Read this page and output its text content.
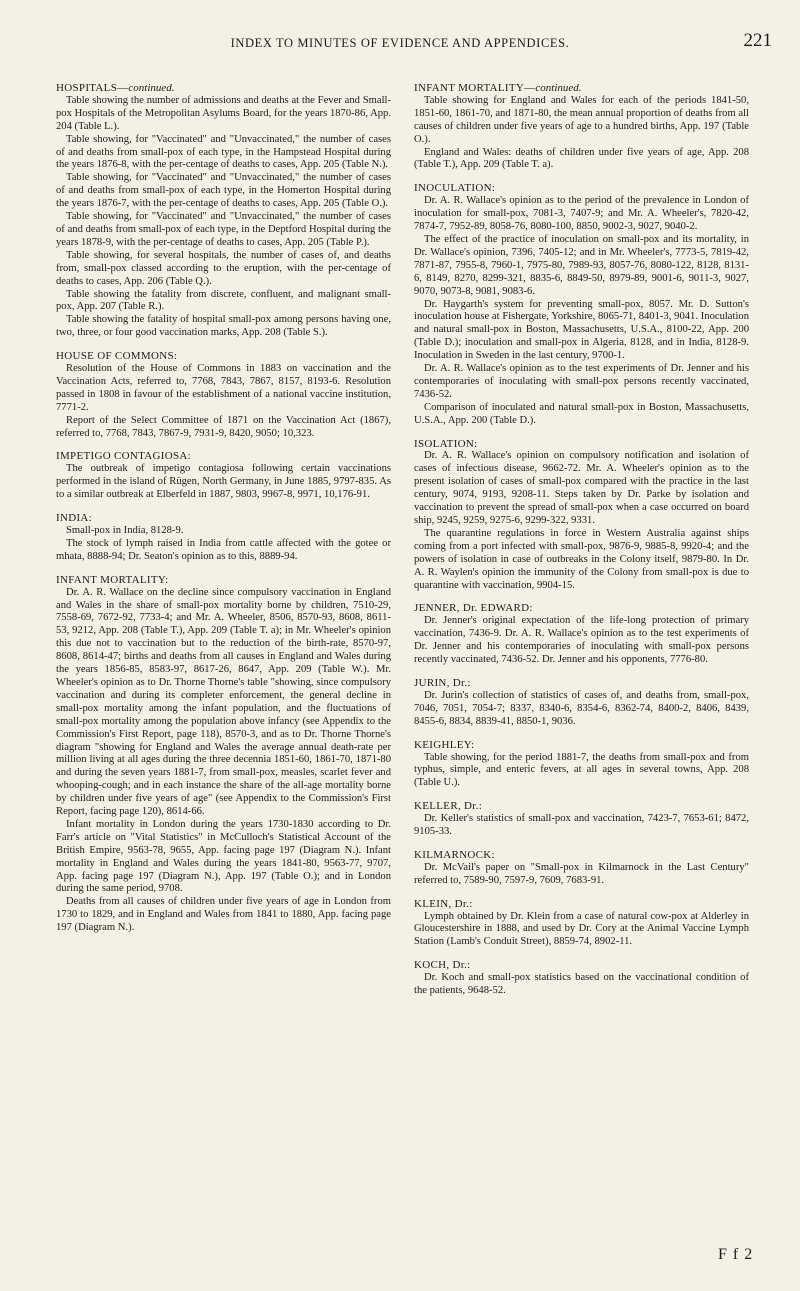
INDEX TO MINUTES OF EVIDENCE AND APPENDICES.	221
HOSPITALS—continued.

Table showing the number of admissions and deaths at the Fever and Small-pox Hospitals of the Metropolitan Asylums Board, for the years 1870-86, App. 204 (Table L.).

Table showing, for "Vaccinated" and "Unvaccinated," the number of cases of and deaths from small-pox of each type, in the Hampstead Hospital during the years 1876-8, with the per-centage of deaths to cases, App. 205 (Table N.).

Table showing, for "Vaccinated" and "Unvaccinated," the number of cases of and deaths from small-pox of each type, in the Homerton Hospital during the years 1876-7, with the per-centage of deaths to cases, App. 205 (Table O.).

Table showing, for "Vaccinated" and "Unvaccinated," the number of cases of and deaths from small-pox of each type, in the Deptford Hospital during the years 1878-9, with the per-centage of deaths to cases, App. 205 (Table P.).

Table showing, for several hospitals, the number of cases of, and deaths from, small-pox classed according to the eruption, with the per-centage of deaths to cases, App. 206 (Table Q.).

Table showing the fatality from discrete, confluent, and malignant small-pox, App. 207 (Table R.).

Table showing the fatality of hospital small-pox among persons having one, two, three, or four good vaccination marks, App. 208 (Table S.).

HOUSE OF COMMONS:

Resolution of the House of Commons in 1883 on vaccination and the Vaccination Acts, referred to, 7768, 7843, 7867, 8157, 8193-6. Resolution passed in 1808 in favour of the establishment of a national vaccine institution, 7771-2.

Report of the Select Committee of 1871 on the Vaccination Act (1867), referred to, 7768, 7843, 7867-9, 7931-9, 8420, 9050; 10,323.

IMPETIGO CONTAGIOSA:

The outbreak of impetigo contagiosa following certain vaccinations performed in the island of Rügen, North Germany, in June 1885, 9797-835. As to a similar outbreak at Elberfeld in 1887, 9803, 9967-8, 9971, 10,176-91.

INDIA:

Small-pox in India, 8128-9.

The stock of lymph raised in India from cattle affected with the gotee or mhata, 8888-94; Dr. Seaton's opinion as to this, 8889-94.

INFANT MORTALITY:

Dr. A. R. Wallace on the decline since compulsory vaccination in England and Wales in the share of small-pox mortality borne by children, 7510-29, 7558-69, 7672-92, 7733-4; and Mr. A. Wheeler, 8506, 8570-93, 8608, 8611-53, 9212, App. 208 (Table T.), App. 209 (Table T. a); in Mr. Wheeler's opinion this due not to vaccination but to the reduction of the birth-rate, 8570-97, 8608, 8614-47; births and deaths from all causes in England and Wales during the years 1856-85, 8583-97, 8617-26, 8647, App. 209 (Table W.). Mr. Wheeler's opinion as to Dr. Thorne Thorne's table "showing, since compulsory vaccination and during its completer enforcement, the general decline in small-pox mortality among the infant population, and the fluctuations of small-pox mortality among the population above infancy (see Appendix to the Commission's First Report, page 118), 8570-3, and as to Dr. Thorne Thorne's diagram "showing for England and Wales the average annual death-rate per million living at all ages during the three decennia 1851-60, 1861-70, 1871-80 and during the seven years 1881-7, from small-pox, measles, scarlet fever and whooping-cough; and in each instance the share of the all-age mortality borne by children under five years of age" (see Appendix to the Commission's First Report, facing page 120), 8614-66.

Infant mortality in London during the years 1730-1830 according to Dr. Farr's article on "Vital Statistics" in McCulloch's Statistical Account of the British Empire, 9563-78, 9655, App. facing page 197 (Diagram N.). Infant mortality in England and Wales during the years 1841-80, 9563-77, 9707, App. facing page 197 (Diagram N.), App. 197 (Table O.); and in London during the same period, 9708.

Deaths from all causes of children under five years of age in London from 1730 to 1829, and in England and Wales from 1841 to 1880, App. facing page 197 (Diagram N.).

INFANT MORTALITY—continued.

Table showing for England and Wales for each of the periods 1841-50, 1851-60, 1861-70, and 1871-80, the mean annual proportion of deaths from all causes of children under five years of age to a hundred births, App. 197 (Table O.).

England and Wales: deaths of children under five years of age, App. 208 (Table T.), App. 209 (Table T. a).

INOCULATION:

Dr. A. R. Wallace's opinion as to the period of the prevalence in London of inoculation for small-pox, 7081-3, 7407-9; and Mr. A. Wheeler's, 7820-42, 7874-7, 7952-89, 8058-76, 8080-100, 8850, 9002-3, 9027, 9040-2.

The effect of the practice of inoculation on small-pox and its mortality, in Dr. Wallace's opinion, 7396, 7405-12; and in Mr. Wheeler's, 7773-5, 7819-42, 7871-87, 7955-8, 7960-1, 7975-80, 7989-93, 8057-76, 8080-122, 8128, 8131-6, 8149, 8270, 8299-321, 8835-6, 8849-50, 8979-89, 9001-6, 9011-3, 9027, 9070, 9073-8, 9081, 9083-6.

Dr. Haygarth's system for preventing small-pox, 8057. Mr. D. Sutton's inoculation house at Fishergate, Yorkshire, 8065-71, 8401-3, 9041. Inoculation and natural small-pox in Boston, Massachusetts, U.S.A., 8100-22, App. 200 (Table D.); inoculation and small-pox in Algeria, 8128, and in India, 8128-9. Inoculation in Sweden in the last century, 9700-1.

Dr. A. R. Wallace's opinion as to the test experiments of Dr. Jenner and his contemporaries of inoculating with small-pox persons recently vaccinated, 7436-52.

Comparison of inoculated and natural small-pox in Boston, Massachusetts, U.S.A., App. 200 (Table D.).

ISOLATION:

Dr. A. R. Wallace's opinion on compulsory notification and isolation of cases of infectious disease, 9662-72. Mr. A. Wheeler's opinion as to the present isolation of cases of small-pox compared with the practice in the last century, 9074, 9193, 9208-11. Steps taken by Dr. Parke by isolation and vaccination to prevent the spread of small-pox when a case occurred on board ship, 9245, 9259, 9275-6, 9299-322, 9331.

The quarantine regulations in force in Western Australia against ships coming from a port infected with small-pox, 9876-9, 9885-8, 9920-4; and the powers of isolation in case of outbreaks in the Colony itself, 9879-80. In Dr. A. R. Waylen's opinion the immunity of the Colony from small-pox is due to quarantine with vaccination, 9904-15.

JENNER, Dr. EDWARD:

Dr. Jenner's original expectation of the life-long protection of primary vaccination, 7436-9. Dr. A. R. Wallace's opinion as to the test experiments of Dr. Jenner and his contemporaries of inoculating with small-pox persons recently vaccinated, 7436-52. Dr. Jenner and his opponents, 7776-80.

JURIN, Dr.:

Dr. Jurin's collection of statistics of cases of, and deaths from, small-pox, 7046, 7051, 7054-7; 8337, 8340-6, 8354-6, 8362-74, 8400-2, 8406, 8439, 8455-6, 8834, 8839-41, 8850-1, 9036.

KEIGHLEY:

Table showing, for the period 1881-7, the deaths from small-pox and from typhus, simple, and enteric fevers, at all ages in several towns, App. 208 (Table U.).

KELLER, Dr.:

Dr. Keller's statistics of small-pox and vaccination, 7423-7, 7653-61; 8472, 9105-33.

KILMARNOCK:

Dr. McVail's paper on "Small-pox in Kilmarnock in the Last Century" referred to, 7589-90, 7597-9, 7609, 7683-91.

KLEIN, Dr.:

Lymph obtained by Dr. Klein from a case of natural cow-pox at Alderley in Gloucestershire in 1888, and used by Dr. Cory at the Animal Vaccine Lymph Station (Lamb's Conduit Street), 8859-74, 8902-11.

KOCH, Dr.:

Dr. Koch and small-pox statistics based on the vaccinational condition of the patients, 9648-52.

F f 2
